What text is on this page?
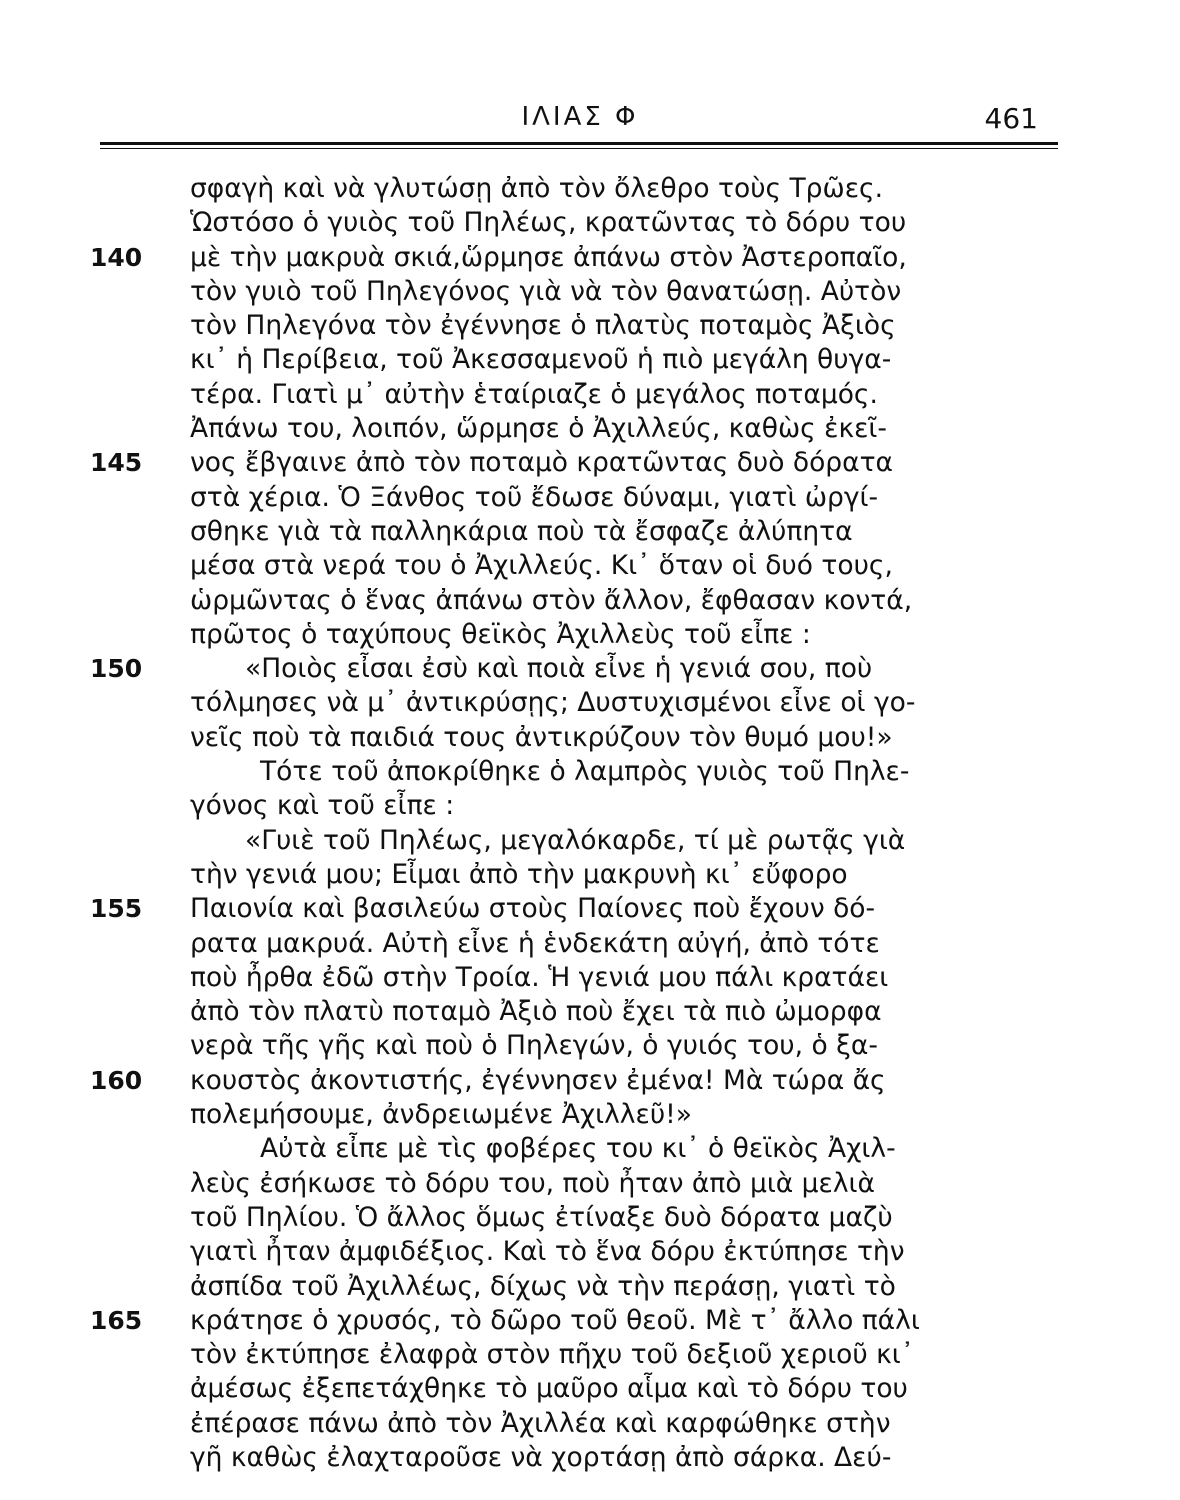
ΙΛΙΑΣ Φ	461
σφαγὴ καὶ νὰ γλυτώσῃ ἀπὸ τὸν ὄλεθρο τοὺς Τρῶες.
Ὡστόσο ὁ γυιὸς τοῦ Πηλέως, κρατῶντας τὸ δόρυ του
140	μὲ τὴν μακρυὰ σκιά,ὥρμησε ἀπάνω στὸν Ἀστεροπαῖο,
τὸν γυιὸ τοῦ Πηλεγόνος γιὰ νὰ τὸν θανατώσῃ. Αὐτὸν
τὸν Πηλεγόνα τὸν ἐγέννησε ὁ πλατὺς ποταμὸς Ἀξιὸς
κι᾽ ἡ Περίβεια, τοῦ Ἀκεσσαμενοῦ ἡ πιὸ μεγάλη θυγα-
τέρα. Γιατὶ μ᾽ αὐτὴν ἑταίριαζε ὁ μεγάλος ποταμός.
Ἀπάνω του, λοιπόν, ὥρμησε ὁ Ἀχιλλεύς, καθὼς ἐκεῖ-
145	νος ἔβγαινε ἀπὸ τὸν ποταμὸ κρατῶντας δυὸ δόρατα
στὰ χέρια. Ὁ Ξάνθος τοῦ ἔδωσε δύναμι, γιατὶ ὠργί-
σθηκε γιὰ τὰ παλληκάρια ποὺ τὰ ἔσφαζε ἀλύπητα
μέσα στὰ νερά του ὁ Ἀχιλλεύς. Κι᾽ ὅταν οἱ δυό τους,
ὡρμῶντας ὁ ἕνας ἀπάνω στὸν ἄλλον, ἔφθασαν κοντά,
πρῶτος ὁ ταχύπους θεϊκὸς Ἀχιλλεὺς τοῦ εἶπε :
150	«Ποιὸς εἶσαι ἐσὺ καὶ ποιὰ εἶνε ἡ γενιά σου, ποὺ
τόλμησες νὰ μ᾽ ἀντικρύσῃς; Δυστυχισμένοι εἶνε οἱ γο-
νεῖς ποὺ τὰ παιδιά τους ἀντικρύζουν τὸν θυμό μου!»
Τότε τοῦ ἀποκρίθηκε ὁ λαμπρὸς γυιὸς τοῦ Πηλε-
γόνος καὶ τοῦ εἶπε :
«Γυιὲ τοῦ Πηλέως, μεγαλόκαρδε, τί μὲ ρωτᾷς γιὰ
τὴν γενιά μου; Εἶμαι ἀπὸ τὴν μακρυνὴ κι᾽ εὔφορο
155	Παιονία καὶ βασιλεύω στοὺς Παίονες ποὺ ἔχουν δό-
ρατα μακρυά. Αὐτὴ εἶνε ἡ ἑνδεκάτη αὐγή, ἀπὸ τότε
ποὺ ἦρθα ἐδῶ στὴν Τροία. Ἡ γενιά μου πάλι κρατάει
ἀπὸ τὸν πλατὺ ποταμὸ Ἀξιὸ ποὺ ἔχει τὰ πιὸ ὠμορφα
νερὰ τῆς γῆς καὶ ποὺ ὁ Πηλεγών, ὁ γυιός του, ὁ ξα-
160	κουστὸς ἀκοντιστής, ἐγέννησεν ἐμένα! Μὰ τώρα ἄς
πολεμήσουμε, ἀνδρειωμένε Ἀχιλλεῦ!»
Αὐτὰ εἶπε μὲ τὶς φοβέρες του κι᾽ ὁ θεϊκὸς Ἀχιλ-
λεὺς ἐσήκωσε τὸ δόρυ του, ποὺ ἦταν ἀπὸ μιὰ μελιὰ
τοῦ Πηλίου. Ὁ ἄλλος ὅμως ἐτίναξε δυὸ δόρατα μαζὺ
γιατὶ ἦταν ἀμφιδέξιος. Καὶ τὸ ἕνα δόρυ ἐκτύπησε τὴν
ἀσπίδα τοῦ Ἀχιλλέως, δίχως νὰ τὴν περάσῃ, γιατὶ τὸ
165	κράτησε ὁ χρυσός, τὸ δῶρο τοῦ θεοῦ. Μὲ τ᾽ ἄλλο πάλι
τὸν ἐκτύπησε ἐλαφρὰ στὸν πῆχυ τοῦ δεξιοῦ χεριοῦ κι᾽
ἀμέσως ἐξεπετάχθηκε τὸ μαῦρο αἷμα καὶ τὸ δόρυ του
ἐπέρασε πάνω ἀπὸ τὸν Ἀχιλλέα καὶ καρφώθηκε στὴν
γῆ καθὼς ἐλαχταροῦσε νὰ χορτάσῃ ἀπὸ σάρκα. Δεύ-
